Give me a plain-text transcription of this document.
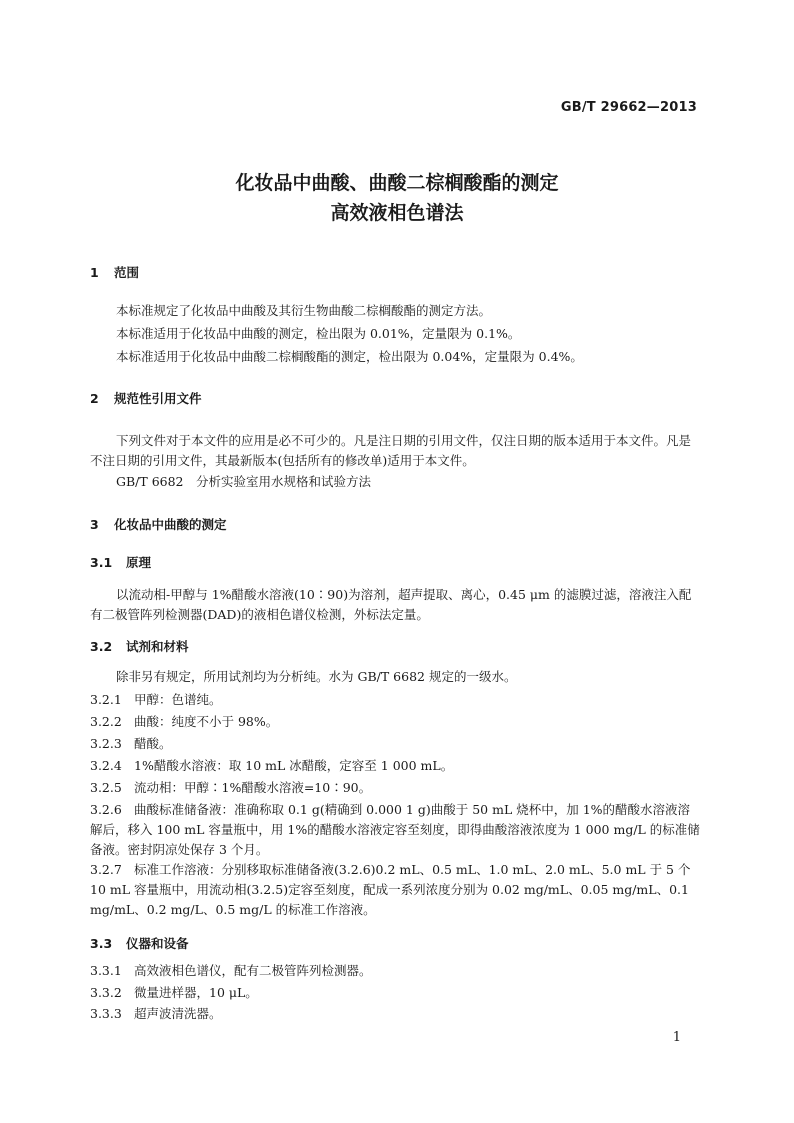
GB/T 29662—2013
化妆品中曲酸、曲酸二棕榈酸酯的测定
高效液相色谱法
1 范围
本标准规定了化妆品中曲酸及其衍生物曲酸二棕榈酸酯的测定方法。
本标准适用于化妆品中曲酸的测定，检出限为 0.01%，定量限为 0.1%。
本标准适用于化妆品中曲酸二棕榈酸酯的测定，检出限为 0.04%，定量限为 0.4%。
2 规范性引用文件
下列文件对于本文件的应用是必不可少的。凡是注日期的引用文件，仅注日期的版本适用于本文件。凡是不注日期的引用文件，其最新版本(包括所有的修改单)适用于本文件。
GB/T 6682　分析实验室用水规格和试验方法
3 化妆品中曲酸的测定
3.1 原理
以流动相-甲醇与 1%醋酸水溶液(10∶90)为溶剂，超声提取、离心，0.45 μm 的滤膜过滤，溶液注入配有二极管阵列检测器(DAD)的液相色谱仪检测，外标法定量。
3.2 试剂和材料
除非另有规定，所用试剂均为分析纯。水为 GB/T 6682 规定的一级水。
3.2.1 甲醇：色谱纯。
3.2.2 曲酸：纯度不小于 98%。
3.2.3 醋酸。
3.2.4 1%醋酸水溶液：取 10 mL 冰醋酸，定容至 1 000 mL。
3.2.5 流动相：甲醇∶1%醋酸水溶液=10∶90。
3.2.6 曲酸标准储备液：准确称取 0.1 g(精确到 0.000 1 g)曲酸于 50 mL 烧杯中，加 1%的醋酸水溶液溶解后，移入 100 mL 容量瓶中，用 1%的醋酸水溶液定容至刻度，即得曲酸溶液浓度为 1 000 mg/L 的标准储备液。密封阴凉处保存 3 个月。
3.2.7 标准工作溶液：分别移取标准储备液(3.2.6)0.2 mL、0.5 mL、1.0 mL、2.0 mL、5.0 mL 于 5 个 10 mL 容量瓶中，用流动相(3.2.5)定容至刻度，配成一系列浓度分别为 0.02 mg/mL、0.05 mg/mL、0.1 mg/mL、0.2 mg/L、0.5 mg/L 的标准工作溶液。
3.3 仪器和设备
3.3.1 高效液相色谱仪，配有二极管阵列检测器。
3.3.2 微量进样器，10 μL。
3.3.3 超声波清洗器。
1
